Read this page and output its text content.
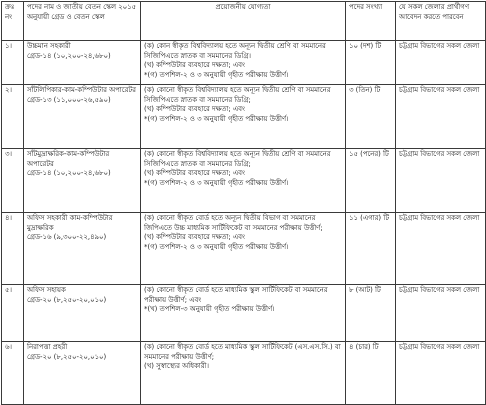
ক্রঃ নং	পদের নাম ও জাতীয় বেতন স্কেল ২০১৫ অনুযায়ী গ্রেড ও বেতন স্কেল	প্রয়োজনীয় যোগ্যতা	পদের সংখ্যা	যে সকল জেলার প্রার্থীগণ আবেদন করতে পারবেন
১।	উচ্চমান সহকারী
গ্রেড-১৪ (১০,২০০-২৪,৬৮০)	(ক) কোন স্বীকৃত বিশ্ববিদ্যালয় হতে অন্যূন দ্বিতীয় শ্রেণি বা সমমানের সিজিপিএতে স্নাতক বা সমমানের ডিগ্রি।
(খ) কম্পিউটার ব্যবহারে দক্ষতা; এবং
*(গ) তপশিল-২ ও ৩ অনুযায়ী গৃহীত পরীক্ষায় উত্তীর্ণ।	১০ (দশ) টি	চট্টগ্রাম বিভাগের সকল জেলা
২।	সাঁটলিপিকার-কাম-কম্পিউটার অপারেটর
গ্রেড-১৩ (১১,০০০-২৬,৫৯০)	(ক) কোনো স্বীকৃত বিশ্ববিদ্যালয় হতে অন্যূন দ্বিতীয় শ্রেণি বা সমমানের সিজিপিএতে স্নাতক বা সমমানের ডিগ্রি;
(খ) কম্পিউটার ব্যবহারে দক্ষতা; এবং
*(গ) তপশিল-২ ও ৩ অনুযায়ী গৃহীত পরীক্ষায় উত্তীর্ণ।	৩ (তিন) টি	চট্টগ্রাম বিভাগের সকল জেলা
৩।	সাঁটমুদ্রাক্ষরিক-কাম-কম্পিউটার অপারেটর
গ্রেড-১৪ (১০,২০০-২৪,৬৮০)	(ক) কোনো স্বীকৃত বিশ্ববিদ্যালয় হতে অন্যূন দ্বিতীয় শ্রেণি বা সমমানের সিজিপিএতে স্নাতক বা সমমানের ডিগ্রি;
(খ) কম্পিউটার ব্যবহারে দক্ষতা; এবং
*(গ) তপশিল-২ ও ৩ অনুযায়ী গৃহীত পরীক্ষায় উত্তীর্ণ।	১৫ (পনের) টি	চট্টগ্রাম বিভাগের সকল জেলা
৪।	অফিস সহকারী কাম-কম্পিউটার মুদ্রাক্ষরিক
গ্রেড-১৬ (৯,৩০০-২২,৪৯০)	(ক) কোনো স্বীকৃত বোর্ড হতে অন্যূন দ্বিতীয় বিভাগ বা সমমানের জিপিএতে উচ্চ মাধ্যমিক সার্টিফিকেট বা সমমানের পরীক্ষায় উত্তীর্ণ;
(খ) কম্পিউটার ব্যবহারে দক্ষতা; এবং
*(গ) তপশিল-২ ও ৩ অনুযায়ী গৃহীত পরীক্ষায় উত্তীর্ণ।	১১ (এগার) টি	চট্টগ্রাম বিভাগের সকল জেলা
৫।	অফিস সহায়ক
গ্রেড-২০ (৮,২৫০-২০,০১০)	(ক) কোনো স্বীকৃত বোর্ড হতে মাধ্যমিক স্কুল সার্টিফিকেট বা সমমানের পরীক্ষায় উত্তীর্ণ; এবং
*(খ) তপশিল-৩ অনুযায়ী গৃহীত পরীক্ষায় উত্তীর্ণ।	৮ (আট) টি	চট্টগ্রাম বিভাগের সকল জেলা
৬।	নিরাপত্তা প্রহরী
গ্রেড-২০ (৮,২৫০-২০,০১০)	(ক) কোনো স্বীকৃত বোর্ড হতে মাধ্যমিক স্কুল সার্টিফিকেট (এস.এস.সি.) বা সমমানের পরীক্ষায় উত্তীর্ণ;
(খ) সুস্বাস্থ্যের অধিকারী।	৪ (চার) টি	চট্টগ্রাম বিভাগের সকল জেলা
